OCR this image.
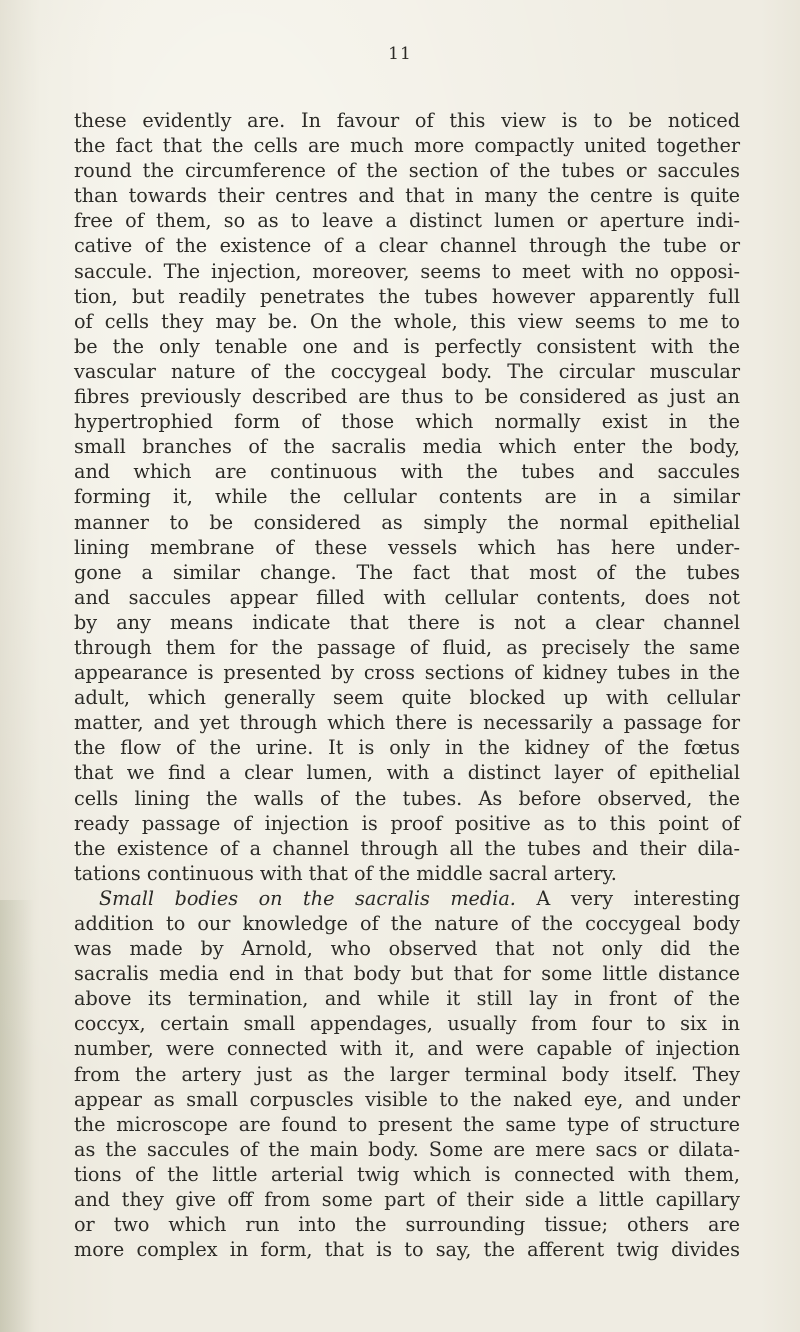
11
these evidently are. In favour of this view is to be noticed
the fact that the cells are much more compactly united together
round the circumference of the section of the tubes or saccules
than towards their centres and that in many the centre is quite
free of them, so as to leave a distinct lumen or aperture indi-
cative of the existence of a clear channel through the tube or
saccule. The injection, moreover, seems to meet with no opposi-
tion, but readily penetrates the tubes however apparently full
of cells they may be. On the whole, this view seems to me to
be the only tenable one and is perfectly consistent with the
vascular nature of the coccygeal body. The circular muscular
fibres previously described are thus to be considered as just an
hypertrophied form of those which normally exist in the
small branches of the sacralis media which enter the body,
and which are continuous with the tubes and saccules
forming it, while the cellular contents are in a similar
manner to be considered as simply the normal epithelial
lining membrane of these vessels which has here under-
gone a similar change. The fact that most of the tubes
and saccules appear filled with cellular contents, does not
by any means indicate that there is not a clear channel
through them for the passage of fluid, as precisely the same
appearance is presented by cross sections of kidney tubes in the
adult, which generally seem quite blocked up with cellular
matter, and yet through which there is necessarily a passage for
the flow of the urine. It is only in the kidney of the fœtus
that we find a clear lumen, with a distinct layer of epithelial
cells lining the walls of the tubes. As before observed, the
ready passage of injection is proof positive as to this point of
the existence of a channel through all the tubes and their dila-
tations continuous with that of the middle sacral artery.
Small bodies on the sacralis media. A very interesting
addition to our knowledge of the nature of the coccygeal body
was made by Arnold, who observed that not only did the
sacralis media end in that body but that for some little distance
above its termination, and while it still lay in front of the
coccyx, certain small appendages, usually from four to six in
number, were connected with it, and were capable of injection
from the artery just as the larger terminal body itself. They
appear as small corpuscles visible to the naked eye, and under
the microscope are found to present the same type of structure
as the saccules of the main body. Some are mere sacs or dilata-
tions of the little arterial twig which is connected with them,
and they give off from some part of their side a little capillary
or two which run into the surrounding tissue; others are
more complex in form, that is to say, the afferent twig divides
